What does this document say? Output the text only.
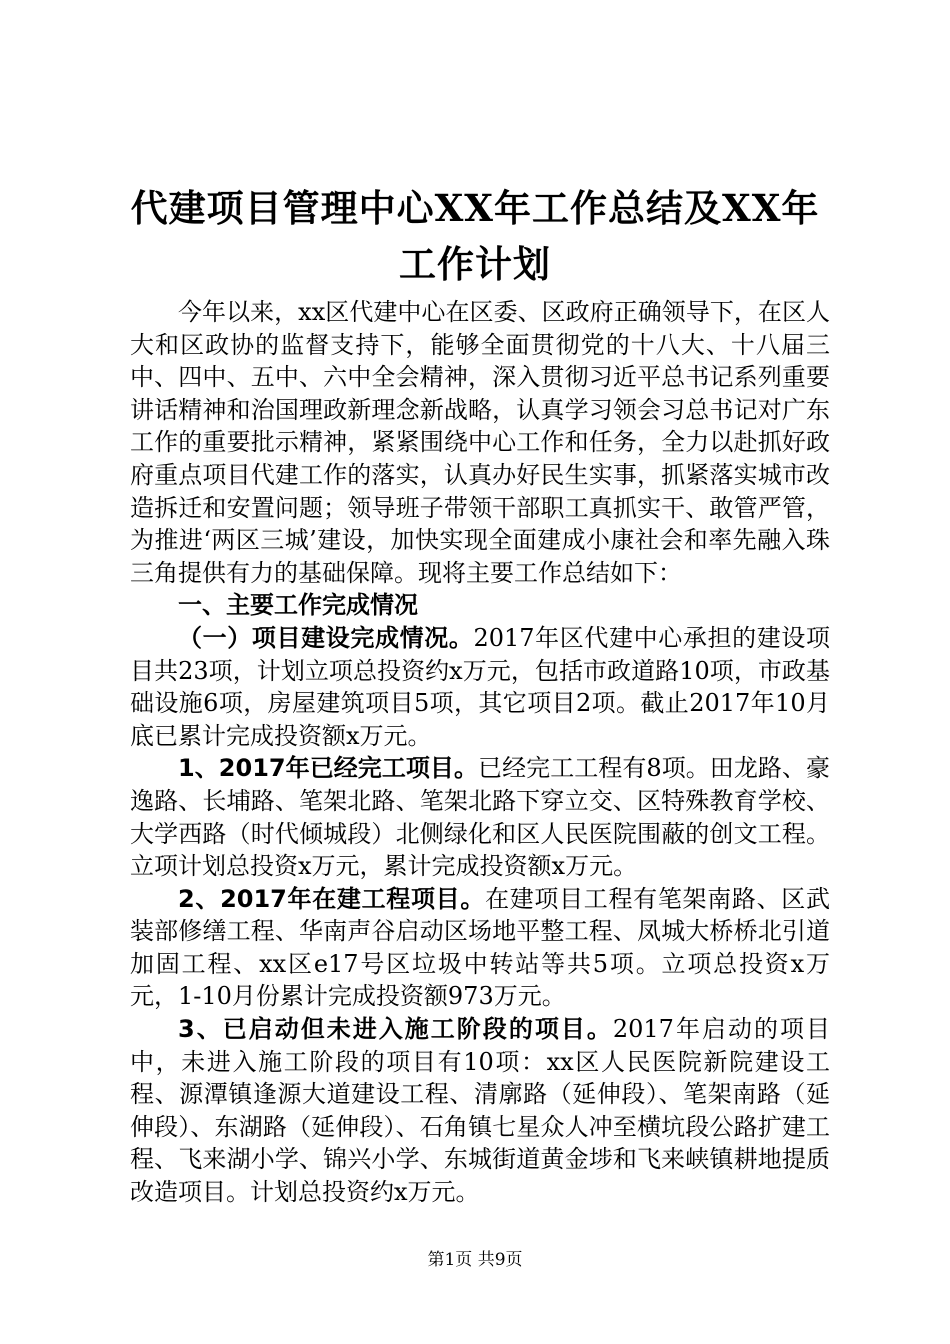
代建项目管理中心XX年工作总结及XX年工作计划

今年以来，xx区代建中心在区委、区政府正确领导下，在区人大和区政协的监督支持下，能够全面贯彻党的十八大、十八届三中、四中、五中、六中全会精神，深入贯彻习近平总书记系列重要讲话精神和治国理政新理念新战略，认真学习领会习总书记对广东工作的重要批示精神，紧紧围绕中心工作和任务，全力以赴抓好政府重点项目代建工作的落实，认真办好民生实事，抓紧落实城市改造拆迁和安置问题；领导班子带领干部职工真抓实干、敢管严管，为推进‘两区三城’建设，加快实现全面建成小康社会和率先融入珠三角提供有力的基础保障。现将主要工作总结如下：

一、主要工作完成情况

（一）项目建设完成情况。2017年区代建中心承担的建设项目共23项，计划立项总投资约x万元，包括市政道路10项，市政基础设施6项，房屋建筑项目5项，其它项目2项。截止2017年10月底已累计完成投资额x万元。

1、2017年已经完工项目。已经完工工程有8项。田龙路、豪逸路、长埔路、笔架北路、笔架北路下穿立交、区特殊教育学校、大学西路（时代倾城段）北侧绿化和区人民医院围蔽的创文工程。立项计划总投资x万元，累计完成投资额x万元。

2、2017年在建工程项目。在建项目工程有笔架南路、区武装部修缮工程、华南声谷启动区场地平整工程、凤城大桥桥北引道加固工程、xx区e17号区垃圾中转站等共5项。立项总投资x万元，1-10月份累计完成投资额973万元。

3、已启动但未进入施工阶段的项目。2017年启动的项目中，未进入施工阶段的项目有10项：xx区人民医院新院建设工程、源潭镇逢源大道建设工程、清廓路（延伸段）、笔架南路（延伸段）、东湖路（延伸段）、石角镇七星众人冲至横坑段公路扩建工程、飞来湖小学、锦兴小学、东城街道黄金埗和飞来峡镇耕地提质改造项目。计划总投资约x万元。

第1页 共9页
